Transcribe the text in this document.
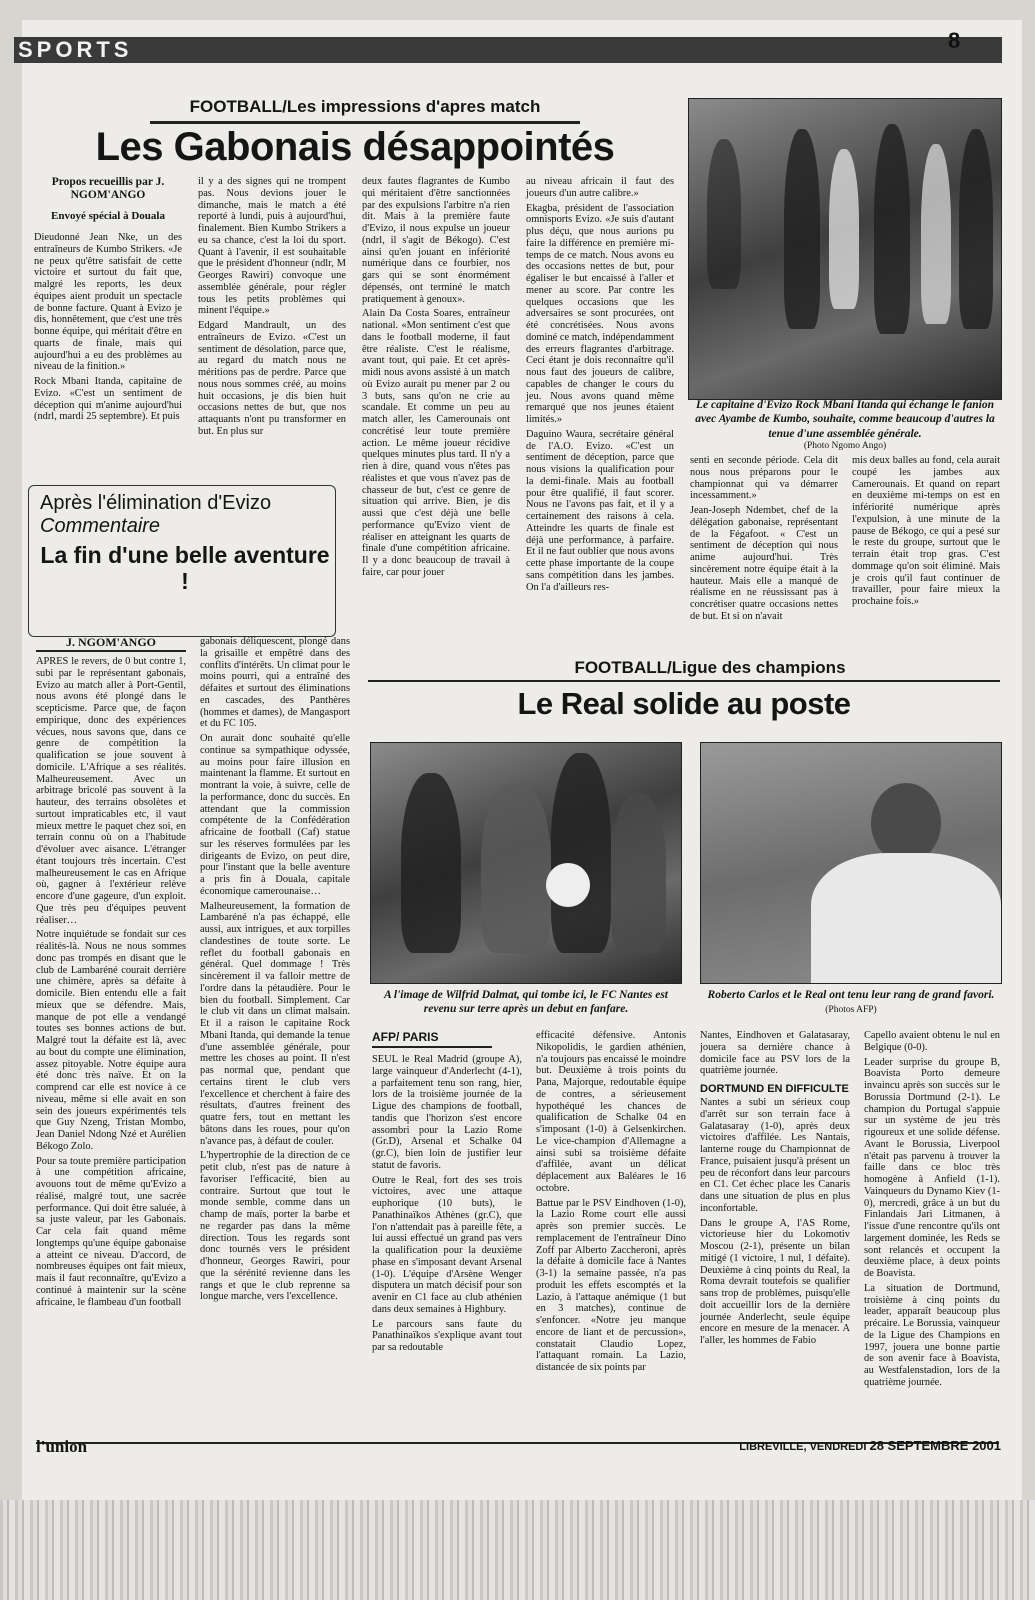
SPORTS	8
FOOTBALL/Les impressions d'apres match
Les Gabonais désappointés
Propos recueillis par J. NGOM'ANGO
Envoyé spécial à Douala

Dieudonné Jean Nke, un des entraîneurs de Kumbo Strikers. «Je ne peux qu'être satisfait de cette victoire et surtout du fait que, malgré les reports, les deux équipes aient produit un spectacle de bonne facture. Quant à Evizo je dis, honnêtement, que c'est une très bonne équipe, qui méritait d'être en quarts de finale, mais qui aujourd'hui a eu des problèmes au niveau de la finition.»

Rock Mbani Itanda, capitaine de Evizo. «C'est un sentiment de déception qui m'anime aujourd'hui (ndrl, mardi 25 septembre). Et puis

il y a des signes qui ne trompent pas. Nous devions jouer le dimanche, mais le match a été reporté à lundi, puis à aujourd'hui, finalement. Bien Kumbo Strikers a eu sa chance, c'est la loi du sport. Quant à l'avenir, il est souhaitable que le président d'honneur (ndlr, M Georges Rawiri) convoque une assemblée générale, pour régler tous les petits problèmes qui minent l'équipe.»

Edgard Mandrault, un des entraîneurs de Evizo. «C'est un sentiment de désolation, parce que, au regard du match nous ne méritions pas de perdre. Parce que nous nous sommes créé, au moins huit occasions, je dis bien huit occasions nettes de but, que nos attaquants n'ont pu transformer en but. En plus sur

deux fautes flagrantes de Kumbo qui méritaient d'être sanctionnées par des expulsions l'arbitre n'a rien dit. Mais à la première faute d'Evizo, il nous expulse un joueur (ndrl, il s'agit de Békogo). C'est ainsi qu'en jouant en infériorité numérique dans ce fourbier, nos gars qui se sont énormément dépensés, ont terminé le match pratiquement à genoux».

Alain Da Costa Soares, entraîneur national. «Mon sentiment c'est que dans le football moderne, il faut être réaliste. C'est le réalisme, avant tout, qui paie. Et cet après-midi nous avons assisté à un match où Evizo aurait pu mener par 2 ou 3 buts, sans qu'on ne crie au scandale. Et comme un peu au match aller, les Camerounais ont concrétisé leur toute première action. Le même joueur récidive quelques minutes plus tard. Il n'y a rien à dire, quand vous n'êtes pas réalistes et que vous n'avez pas de chasseur de but, c'est ce genre de situation qui arrive. Bien, je dis aussi que c'est déjà une belle performance qu'Evizo vient de réaliser en atteignant les quarts de finale d'une compétition africaine. Il y a donc beaucoup de travail à faire, car pour jouer

au niveau africain il faut des joueurs d'un autre calibre.»

Ekagba, président de l'association omnisports Evizo. «Je suis d'autant plus déçu, que nous aurions pu faire la différence en première mi-temps de ce match. Nous avons eu des occasions nettes de but, pour égaliser le but encaissé à l'aller et mener au score. Par contre les quelques occasions que les adversaires se sont procurées, ont été concrétisées. Nous avons dominé ce match, indépendamment des erreurs flagrantes d'arbitrage. Ceci étant je dois reconnaître qu'il nous faut des joueurs de calibre, capables de changer le cours du jeu. Nous avons quand même remarqué que nos jeunes étaient limités.»

Daguino Waura, secrétaire général de l'A.O. Evizo. «C'est un sentiment de déception, parce que nous visions la qualification pour la demi-finale. Mais au football pour être qualifié, il faut scorer. Nous ne l'avons pas fait, et il y a certainement des raisons à cela. Atteindre les quarts de finale est déjà une performance, à parfaire. Et il ne faut oublier que nous avons cette phase importante de la coupe sans compétition dans les jambes. On l'a d'ailleurs res-

Le capitaine d'Evizo Rock Mbani Itanda qui échange le fanion avec Ayambe de Kumbo, souhaite, comme beaucoup d'autres la tenue d'une assemblée générale.
(Photo Ngomo Ango)

senti en seconde période. Cela dit nous nous préparons pour le championnat qui va démarrer incessamment.»

Jean-Joseph Ndembet, chef de la délégation gabonaise, représentant de la Fégafoot. « C'est un sentiment de déception qui nous anime aujourd'hui. Très sincèrement notre équipe était à la hauteur. Mais elle a manqué de réalisme en ne réussissant pas à concrétiser quatre occasions nettes de but. Et si on n'avait

mis deux balles au fond, cela aurait coupé les jambes aux Camerounais. Et quand on repart en deuxième mi-temps on est en infériorité numérique après l'expulsion, à une minute de la pause de Békogo, ce qui a pesé sur le reste du groupe, surtout que le terrain était trop gras. C'est dommage qu'on soit éliminé. Mais je crois qu'il faut continuer de travailler, pour faire mieux la prochaine fois.»

Après l'élimination d'Evizo
Commentaire
La fin d'une belle aventure !
J. NGOM'ANGO

APRES le revers, de 0 but contre 1, subi par le représentant gabonais, Evizo au match aller à Port-Gentil, nous avons été plongé dans le scepticisme. Parce que, de façon empirique, donc des expériences vécues, nous savons que, dans ce genre de compétition la qualification se joue souvent à domicile. L'Afrique a ses réalités. Malheureusement. Avec un arbitrage bricolé pas souvent à la hauteur, des terrains obsolètes et surtout impraticables etc, il vaut mieux mettre le paquet chez soi, en terrain connu où on a l'habitude d'évoluer avec aisance. L'étranger étant toujours très incertain. C'est malheureusement le cas en Afrique où, gagner à l'extérieur relève encore d'une gageure, d'un exploit. Que très peu d'équipes peuvent réaliser…

Notre inquiétude se fondait sur ces réalités-là. Nous ne nous sommes donc pas trompés en disant que le club de Lambaréné courait derrière une chimère, après sa défaite à domicile. Bien entendu elle a fait mieux que se défendre. Mais, manque de pot elle a vendangé toutes ses bonnes actions de but. Malgré tout la défaite est là, avec au bout du compte une élimination, assez pitoyable. Notre équipe aura été donc très naïve. Et on la comprend car elle est novice à ce niveau, même si elle avait en son sein des joueurs expérimentés tels que Guy Nzeng, Tristan Mombo, Jean Daniel Ndong Nzé et Aurélien Békogo Zolo.

Pour sa toute première participation à une compétition africaine, avouons tout de même qu'Evizo a réalisé, malgré tout, une sacrée performance. Qui doit être saluée, à sa juste valeur, par les Gabonais. Car cela fait quand même longtemps qu'une équipe gabonaise a atteint ce niveau. D'accord, de nombreuses équipes ont fait mieux, mais il faut reconnaître, qu'Evizo a continué à maintenir sur la scène africaine, le flambeau d'un football

gabonais déliquescent, plongé dans la grisaille et empêtré dans des conflits d'intérêts. Un climat pour le moins pourri, qui a entraîné des défaites et surtout des éliminations en cascades, des Panthères (hommes et dames), de Mangasport et du FC 105.

On aurait donc souhaité qu'elle continue sa sympathique odyssée, au moins pour faire illusion en maintenant la flamme. Et surtout en montrant la voie, à suivre, celle de la performance, donc du succès. En attendant que la commission compétente de la Confédération africaine de football (Caf) statue sur les réserves formulées par les dirigeants de Evizo, on peut dire, pour l'instant que la belle aventure a pris fin à Douala, capitale économique camerounaise…

Malheureusement, la formation de Lambaréné n'a pas échappé, elle aussi, aux intrigues, et aux torpilles clandestines de toute sorte. Le reflet du football gabonais en général. Quel dommage ! Très sincèrement il va falloir mettre de l'ordre dans la pétaudière. Pour le bien du football. Simplement. Car le club vit dans un climat malsain. Et il a raison le capitaine Rock Mbani Itanda, qui demande la tenue d'une assemblée générale, pour mettre les choses au point. Il n'est pas normal que, pendant que certains tirent le club vers l'excellence et cherchent à faire des résultats, d'autres freinent des quatre fers, tout en mettant les bâtons dans les roues, pour qu'on n'avance pas, à défaut de couler.

L'hypertrophie de la direction de ce petit club, n'est pas de nature à favoriser l'efficacité, bien au contraire. Surtout que tout le monde semble, comme dans un champ de maïs, porter la barbe et ne regarder pas dans la même direction. Tous les regards sont donc tournés vers le président d'honneur, Georges Rawiri, pour que la sérénité revienne dans les rangs et que le club reprenne sa longue marche, vers l'excellence.

FOOTBALL/Ligue des champions
Le Real solide au poste
A l'image de Wilfrid Dalmat, qui tombe ici, le FC Nantes est revenu sur terre après un debut en fanfare.
Roberto Carlos et le Real ont tenu leur rang de grand favori. (Photos AFP)
AFP/ PARIS

SEUL le Real Madrid (groupe A), large vainqueur d'Anderlecht (4-1), a parfaitement tenu son rang, hier, lors de la troisième journée de la Ligue des champions de football, tandis que l'horizon s'est encore assombri pour la Lazio Rome (Gr.D), Arsenal et Schalke 04 (gr.C), bien loin de justifier leur statut de favoris.

Outre le Real, fort des ses trois victoires, avec une attaque euphorique (10 buts), le Panathinaïkos Athènes (gr.C), que l'on n'attendait pas à pareille fête, a lui aussi effectué un grand pas vers la qualification pour la deuxième phase en s'imposant devant Arsenal (1-0). L'équipe d'Arsène Wenger disputera un match décisif pour son avenir en C1 face au club athénien dans deux semaines à Highbury.

Le parcours sans faute du Panathinaïkos s'explique avant tout par sa redoutable

efficacité défensive. Antonis Nikopolidis, le gardien athénien, n'a toujours pas encaissé le moindre but. Deuxième à trois points du Pana, Majorque, redoutable équipe de contres, a sérieusement hypothéqué les chances de qualification de Schalke 04 en s'imposant (1-0) à Gelsenkirchen. Le vice-champion d'Allemagne a ainsi subi sa troisième défaite d'affilée, avant un délicat déplacement aux Baléares le 16 octobre.

Battue par le PSV Eindhoven (1-0), la Lazio Rome court elle aussi après son premier succès. Le remplacement de l'entraîneur Dino Zoff par Alberto Zaccheroni, après la défaite à domicile face à Nantes (3-1) la semaine passée, n'a pas produit les effets escomptés et la Lazio, à l'attaque anémique (1 but en 3 matches), continue de s'enfoncer. «Notre jeu manque encore de liant et de percussion», constatait Claudio Lopez, l'attaquant romain. La Lazio, distancée de six points par

Nantes, Eindhoven et Galatasaray, jouera sa dernière chance à domicile face au PSV lors de la quatrième journée.

DORTMUND EN DIFFICULTE

Nantes a subi un sérieux coup d'arrêt sur son terrain face à Galatasaray (1-0), après deux victoires d'affilée. Les Nantais, lanterne rouge du Championnat de France, puisaient jusqu'à présent un peu de réconfort dans leur parcours en C1. Cet échec place les Canaris dans une situation de plus en plus inconfortable.

Dans le groupe A, l'AS Rome, victorieuse hier du Lokomotiv Moscou (2-1), présente un bilan mitigé (1 victoire, 1 nul, 1 défaite). Deuxième à cinq points du Real, la Roma devrait toutefois se qualifier sans trop de problèmes, puisqu'elle doit accueillir lors de la dernière journée Anderlecht, seule équipe encore en mesure de la menacer. A l'aller, les hommes de Fabio

Capello avaient obtenu le nul en Belgique (0-0).

Leader surprise du groupe B, Boavista Porto demeure invaincu après son succès sur le Borussia Dortmund (2-1). Le champion du Portugal s'appuie sur un système de jeu très rigoureux et une solide défense. Avant le Borussia, Liverpool n'était pas parvenu à trouver la faille dans ce bloc très homogène à Anfield (1-1). Vainqueurs du Dynamo Kiev (1-0), mercredi, grâce à un but du Finlandais Jari Litmanen, à l'issue d'une rencontre qu'ils ont largement dominée, les Reds se sont relancés et occupent la deuxième place, à deux points de Boavista.

La situation de Dortmund, troisième à cinq points du leader, apparaît beaucoup plus précaire. Le Borussia, vainqueur de la Ligue des Champions en 1997, jouera une bonne partie de son avenir face à Boavista, au Westfalenstadion, lors de la quatrième journée.

l'union	LIBREVILLE, VENDREDI 28 SEPTEMBRE 2001
